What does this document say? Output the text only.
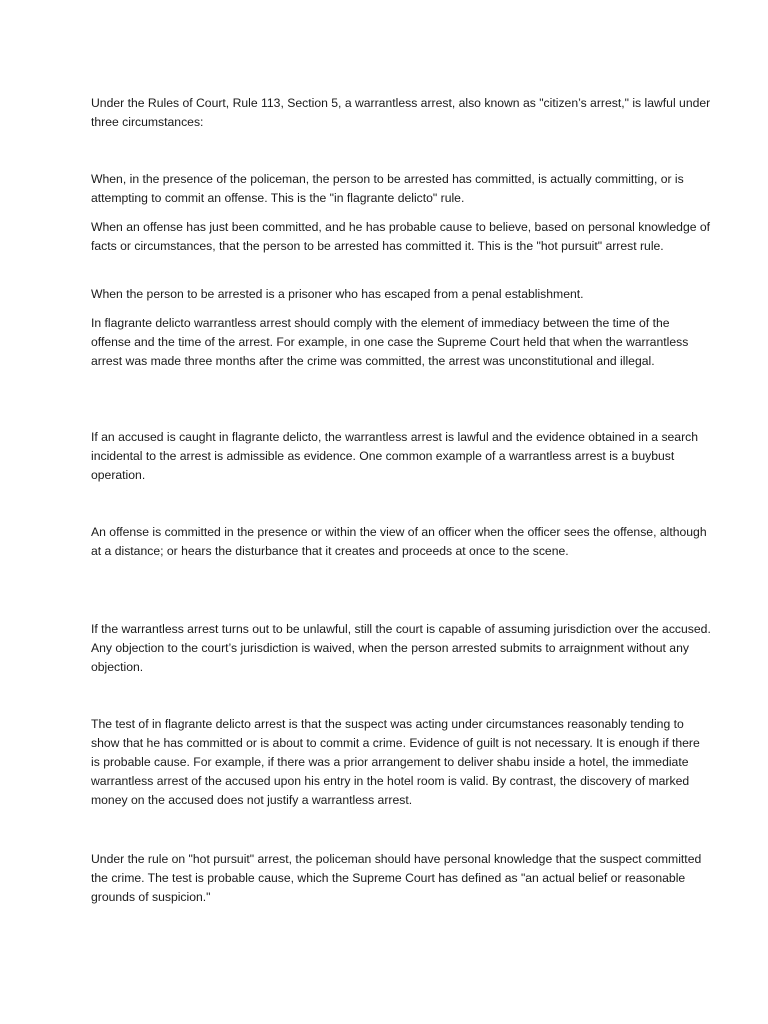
Under the Rules of Court, Rule 113, Section 5, a warrantless arrest, also known as "citizen’s arrest," is lawful under three circumstances:

When, in the presence of the policeman, the person to be arrested has committed, is actually committing, or is attempting to commit an offense. This is the "in flagrante delicto" rule.

When an offense has just been committed, and he has probable cause to believe, based on personal knowledge of facts or circumstances, that the person to be arrested has committed it. This is the "hot pursuit" arrest rule.

When the person to be arrested is a prisoner who has escaped from a penal establishment.

In flagrante delicto warrantless arrest should comply with the element of immediacy between the time of the offense and the time of the arrest. For example, in one case the Supreme Court held that when the warrantless arrest was made three months after the crime was committed, the arrest was unconstitutional and illegal.

If an accused is caught in flagrante delicto, the warrantless arrest is lawful and the evidence obtained in a search incidental to the arrest is admissible as evidence. One common example of a warrantless arrest is a buybust operation.

An offense is committed in the presence or within the view of an officer when the officer sees the offense, although at a distance; or hears the disturbance that it creates and proceeds at once to the scene.

If the warrantless arrest turns out to be unlawful, still the court is capable of assuming jurisdiction over the accused. Any objection to the court’s jurisdiction is waived, when the person arrested submits to arraignment without any objection.

The test of in flagrante delicto arrest is that the suspect was acting under circumstances reasonably tending to show that he has committed or is about to commit a crime. Evidence of guilt is not necessary. It is enough if there is probable cause. For example, if there was a prior arrangement to deliver shabu inside a hotel, the immediate warrantless arrest of the accused upon his entry in the hotel room is valid. By contrast, the discovery of marked money on the accused does not justify a warrantless arrest.

Under the rule on "hot pursuit" arrest, the policeman should have personal knowledge that the suspect committed the crime. The test is probable cause, which the Supreme Court has defined as "an actual belief or reasonable grounds of suspicion."
